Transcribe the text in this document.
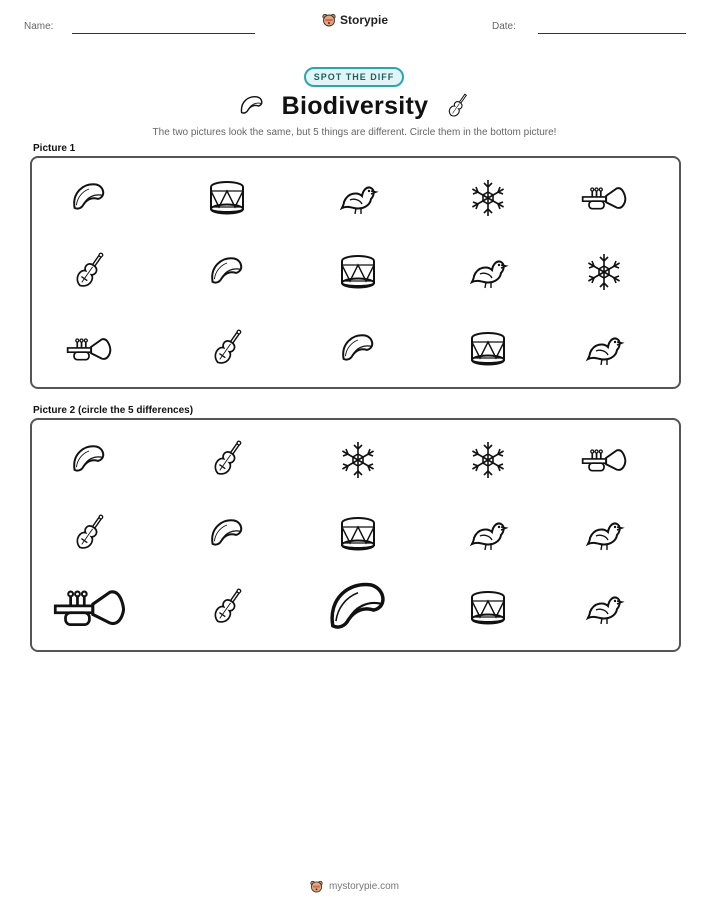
Name:	Storypie	Date:
SPOT THE DIFF
Biodiversity
The two pictures look the same, but 5 things are different. Circle them in the bottom picture!
Picture 1
Picture 2 (circle the 5 differences)
mystorypie.com
